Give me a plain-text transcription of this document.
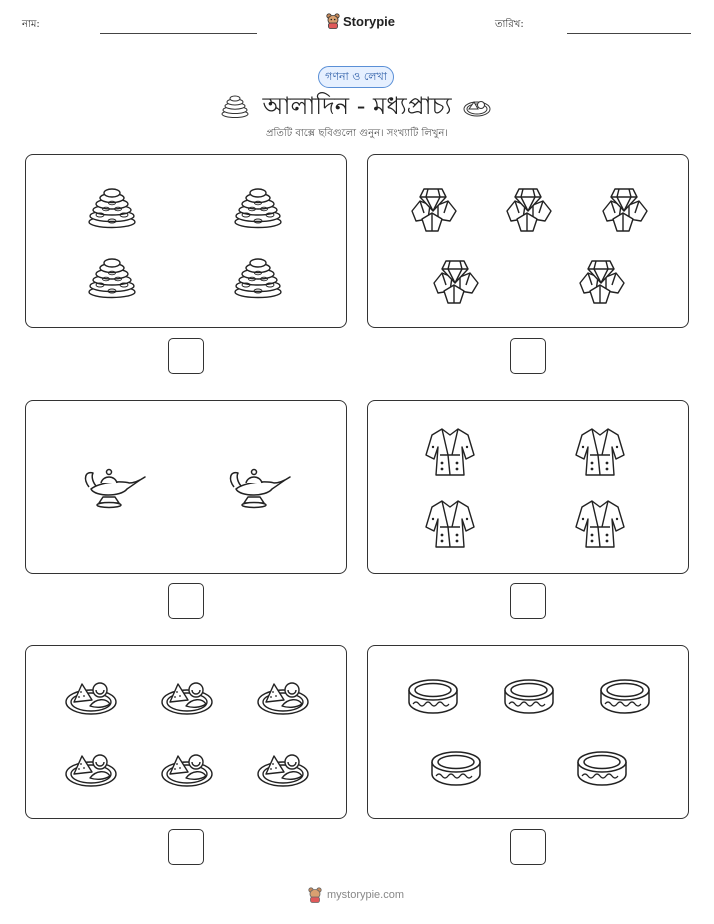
নাম:	Storypie	তারিখ:
গণনা ও লেখা
আলাদিন - মধ্যপ্রাচ্য
প্রতিটি বাক্সে ছবিগুলো গুনুন। সংখ্যাটি লিখুন।
mystorypie.com
